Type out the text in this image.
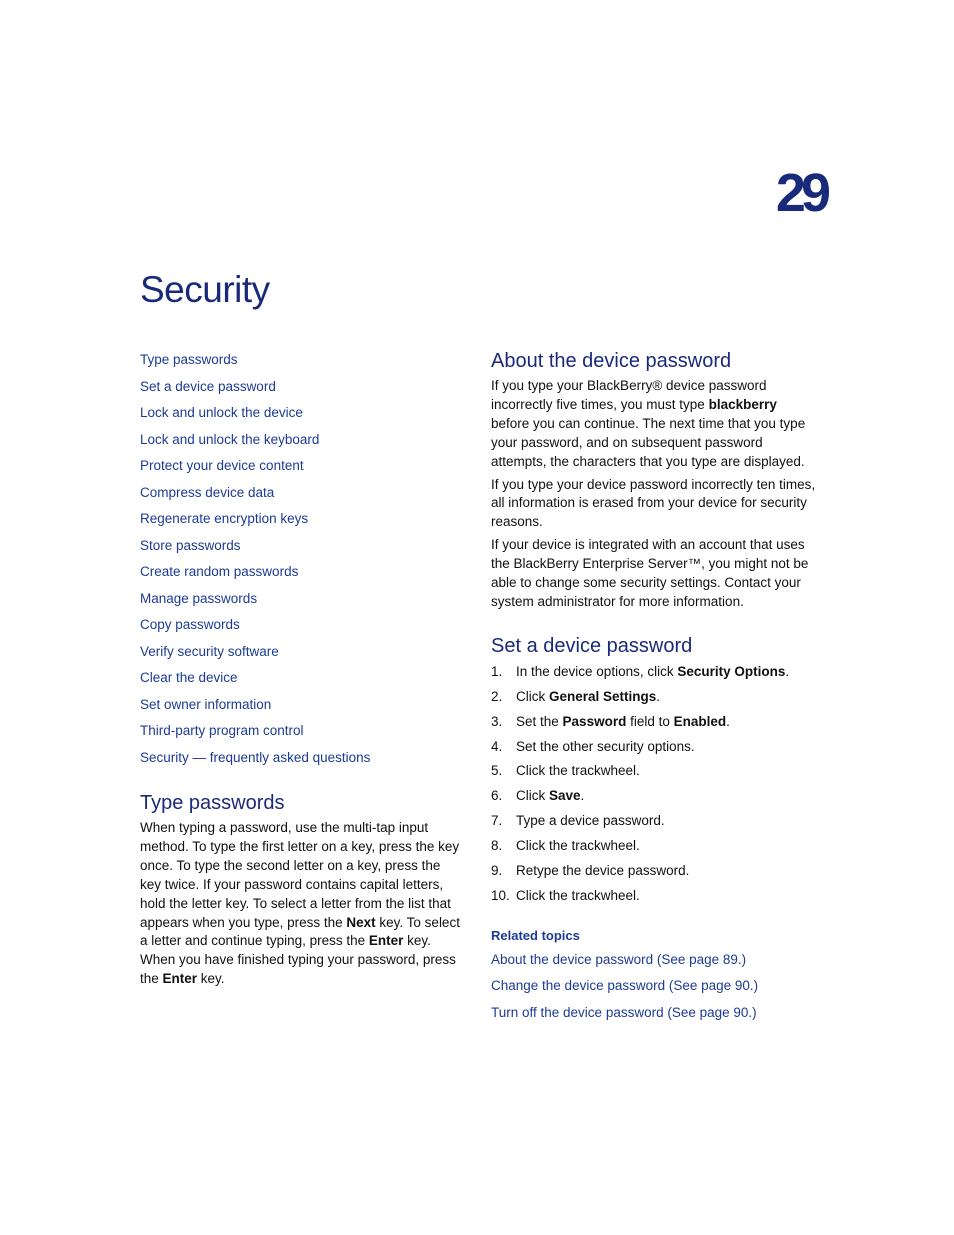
29
Security
Type passwords
Set a device password
Lock and unlock the device
Lock and unlock the keyboard
Protect your device content
Compress device data
Regenerate encryption keys
Store passwords
Create random passwords
Manage passwords
Copy passwords
Verify security software
Clear the device
Set owner information
Third-party program control
Security — frequently asked questions
Type passwords

When typing a password, use the multi-tap input method. To type the first letter on a key, press the key once. To type the second letter on a key, press the key twice. If your password contains capital letters, hold the letter key. To select a letter from the list that appears when you type, press the Next key. To select a letter and continue typing, press the Enter key. When you have finished typing your password, press the Enter key.

About the device password

If you type your BlackBerry® device password incorrectly five times, you must type blackberry before you can continue. The next time that you type your password, and on subsequent password attempts, the characters that you type are displayed.

If you type your device password incorrectly ten times, all information is erased from your device for security reasons.

If your device is integrated with an account that uses the BlackBerry Enterprise Server™, you might not be able to change some security settings. Contact your system administrator for more information.

Set a device password
1.	In the device options, click Security Options.
2.	Click General Settings.
3.	Set the Password field to Enabled.
4.	Set the other security options.
5.	Click the trackwheel.
6.	Click Save.
7.	Type a device password.
8.	Click the trackwheel.
9.	Retype the device password.
10. Click the trackwheel.
Related topics
About the device password (See page 89.)
Change the device password (See page 90.)
Turn off the device password (See page 90.)
